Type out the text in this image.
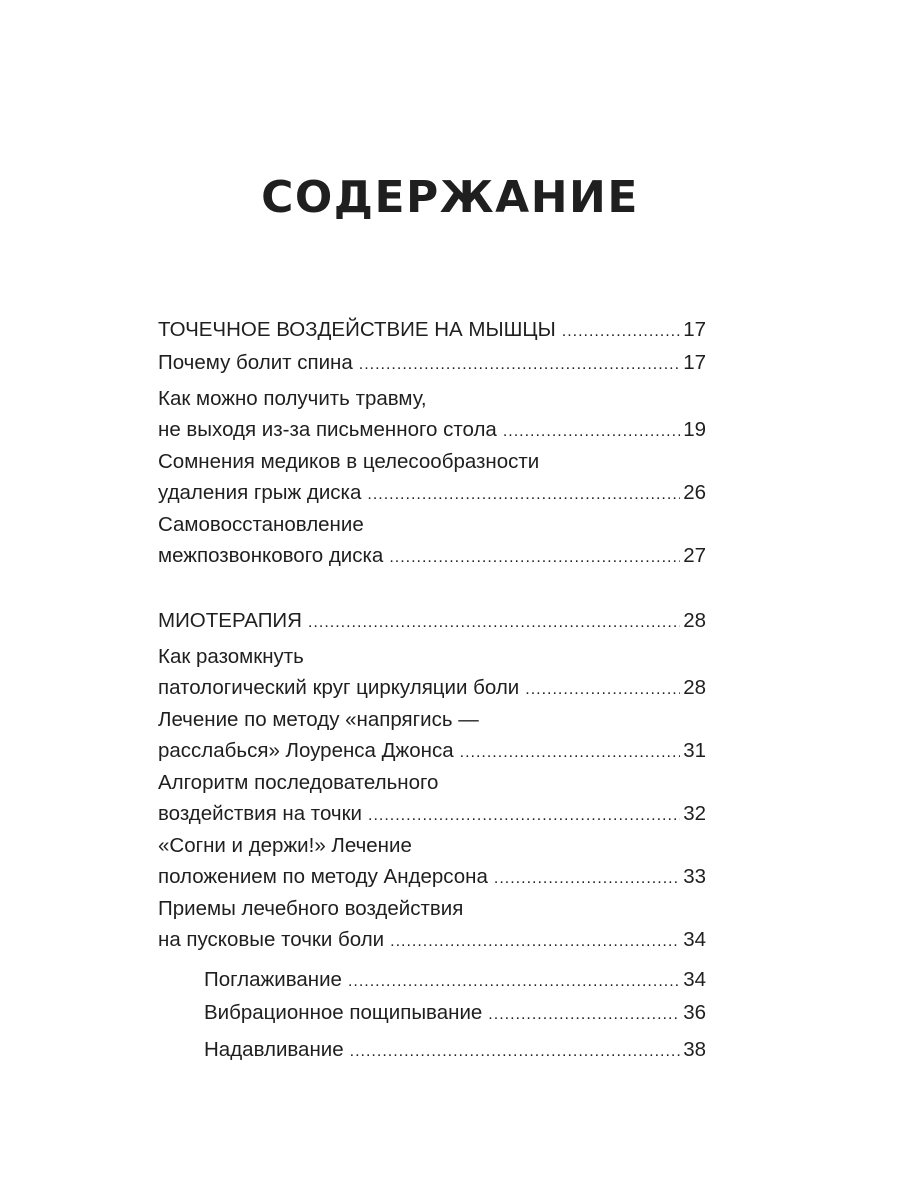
СОДЕРЖАНИЕ
ТОЧЕЧНОЕ ВОЗДЕЙСТВИЕ НА МЫШЦЫ .....	17
Почему болит спина .....	17
Как можно получить травму,
не выходя из-за письменного стола .....	19
Сомнения медиков в целесообразности
удаления грыж диска .....	26
Самовосстановление
межпозвонкового диска .....	27
МИОТЕРАПИЯ .....	28
Как разомкнуть
патологический круг циркуляции боли .....	28
Лечение по методу «напрягись —
расслабься» Лоуренса Джонса .....	31
Алгоритм последовательного
воздействия на точки .....	32
«Согни и держи!» Лечение
положением по методу Андерсона .....	33
Приемы лечебного воздействия
на пусковые точки боли .....	34
Поглаживание .....	34
Вибрационное пощипывание .....	36
Надавливание .....	38
